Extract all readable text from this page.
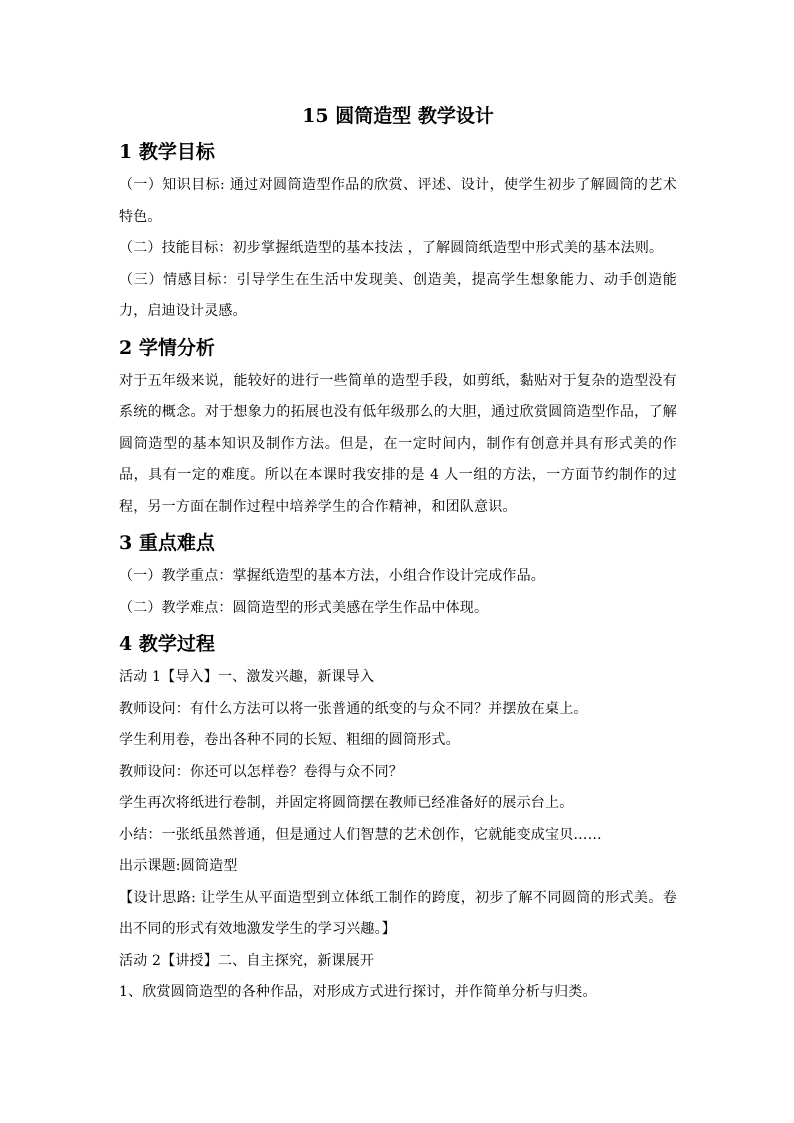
15 圆筒造型 教学设计
1 教学目标

（一）知识目标: 通过对圆筒造型作品的欣赏、评述、设计，使学生初步了解圆筒的艺术特色。

（二）技能目标：初步掌握纸造型的基本技法 ，了解圆筒纸造型中形式美的基本法则。

（三）情感目标：引导学生在生活中发现美、创造美，提高学生想象能力、动手创造能力，启迪设计灵感。

2 学情分析

对于五年级来说，能较好的进行一些简单的造型手段，如剪纸，黏贴对于复杂的造型没有系统的概念。对于想象力的拓展也没有低年级那么的大胆，通过欣赏圆筒造型作品，了解圆筒造型的基本知识及制作方法。但是，在一定时间内，制作有创意并具有形式美的作品，具有一定的难度。所以在本课时我安排的是 4 人一组的方法，一方面节约制作的过程，另一方面在制作过程中培养学生的合作精神，和团队意识。

3 重点难点

（一）教学重点：掌握纸造型的基本方法，小组合作设计完成作品。

（二）教学难点：圆筒造型的形式美感在学生作品中体现。

4 教学过程

活动 1【导入】一、激发兴趣，新课导入

教师设问：有什么方法可以将一张普通的纸变的与众不同？并摆放在桌上。

学生利用卷，卷出各种不同的长短、粗细的圆筒形式。

教师设问：你还可以怎样卷？卷得与众不同？

学生再次将纸进行卷制，并固定将圆筒摆在教师已经准备好的展示台上。

小结：一张纸虽然普通，但是通过人们智慧的艺术创作，它就能变成宝贝……

出示课题:圆筒造型

【设计思路: 让学生从平面造型到立体纸工制作的跨度，初步了解不同圆筒的形式美。卷出不同的形式有效地激发学生的学习兴趣。】

活动 2【讲授】二、自主探究，新课展开

1、欣赏圆筒造型的各种作品，对形成方式进行探讨，并作简单分析与归类。
